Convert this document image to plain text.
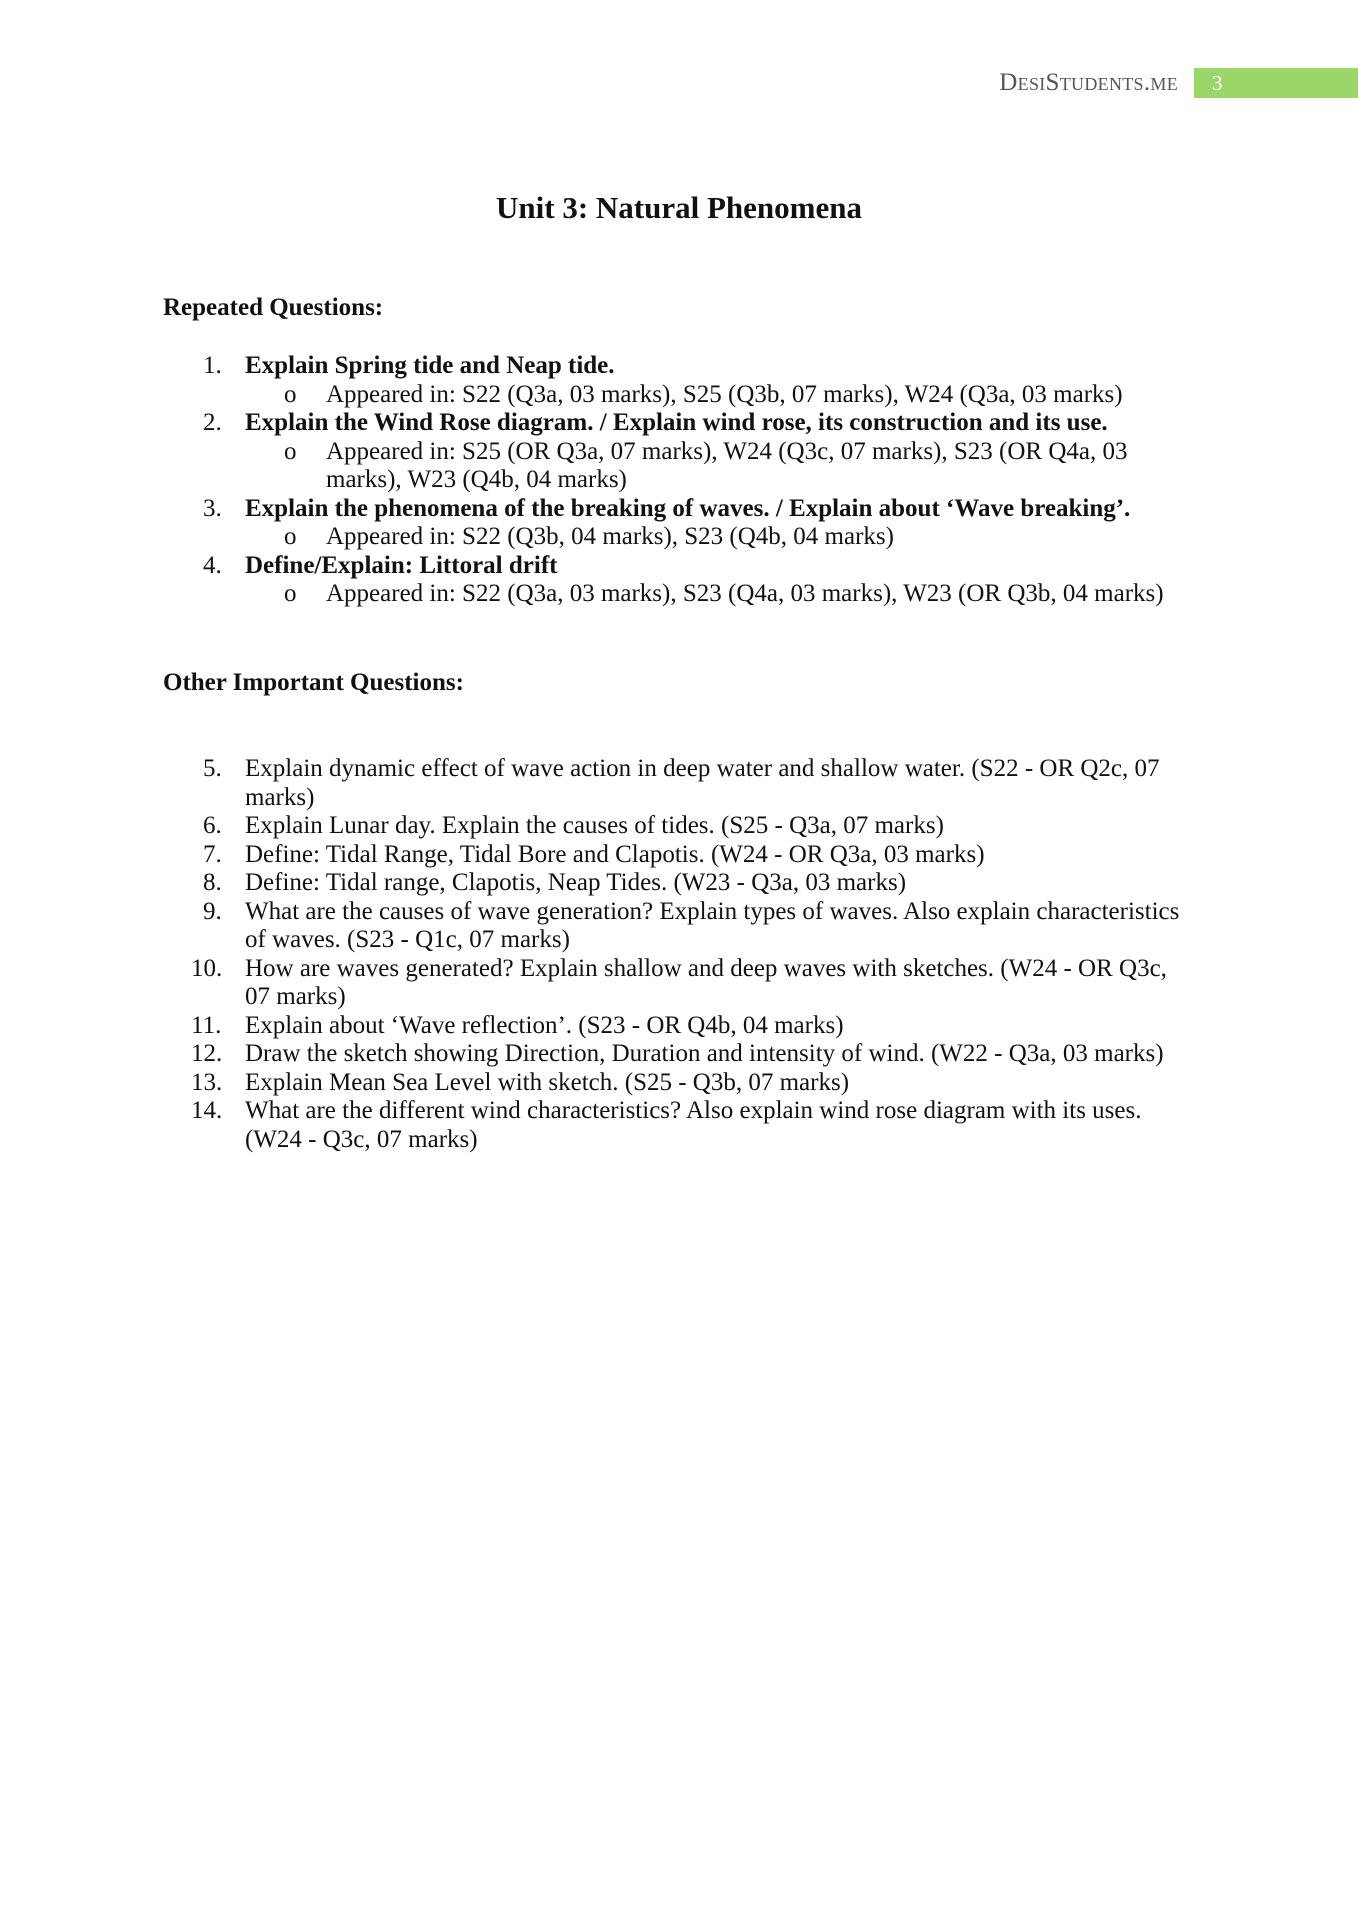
DesiStudents.me	3
Unit 3: Natural Phenomena
Repeated Questions:
1. Explain Spring tide and Neap tide.
o Appeared in: S22 (Q3a, 03 marks), S25 (Q3b, 07 marks), W24 (Q3a, 03 marks)
2. Explain the Wind Rose diagram. / Explain wind rose, its construction and its use.
o Appeared in: S25 (OR Q3a, 07 marks), W24 (Q3c, 07 marks), S23 (OR Q4a, 03 marks), W23 (Q4b, 04 marks)
3. Explain the phenomena of the breaking of waves. / Explain about ‘Wave breaking’.
o Appeared in: S22 (Q3b, 04 marks), S23 (Q4b, 04 marks)
4. Define/Explain: Littoral drift
o Appeared in: S22 (Q3a, 03 marks), S23 (Q4a, 03 marks), W23 (OR Q3b, 04 marks)
Other Important Questions:
5. Explain dynamic effect of wave action in deep water and shallow water. (S22 - OR Q2c, 07 marks)
6. Explain Lunar day. Explain the causes of tides. (S25 - Q3a, 07 marks)
7. Define: Tidal Range, Tidal Bore and Clapotis. (W24 - OR Q3a, 03 marks)
8. Define: Tidal range, Clapotis, Neap Tides. (W23 - Q3a, 03 marks)
9. What are the causes of wave generation? Explain types of waves. Also explain characteristics of waves. (S23 - Q1c, 07 marks)
10. How are waves generated? Explain shallow and deep waves with sketches. (W24 - OR Q3c, 07 marks)
11. Explain about ‘Wave reflection’. (S23 - OR Q4b, 04 marks)
12. Draw the sketch showing Direction, Duration and intensity of wind. (W22 - Q3a, 03 marks)
13. Explain Mean Sea Level with sketch. (S25 - Q3b, 07 marks)
14. What are the different wind characteristics? Also explain wind rose diagram with its uses. (W24 - Q3c, 07 marks)
